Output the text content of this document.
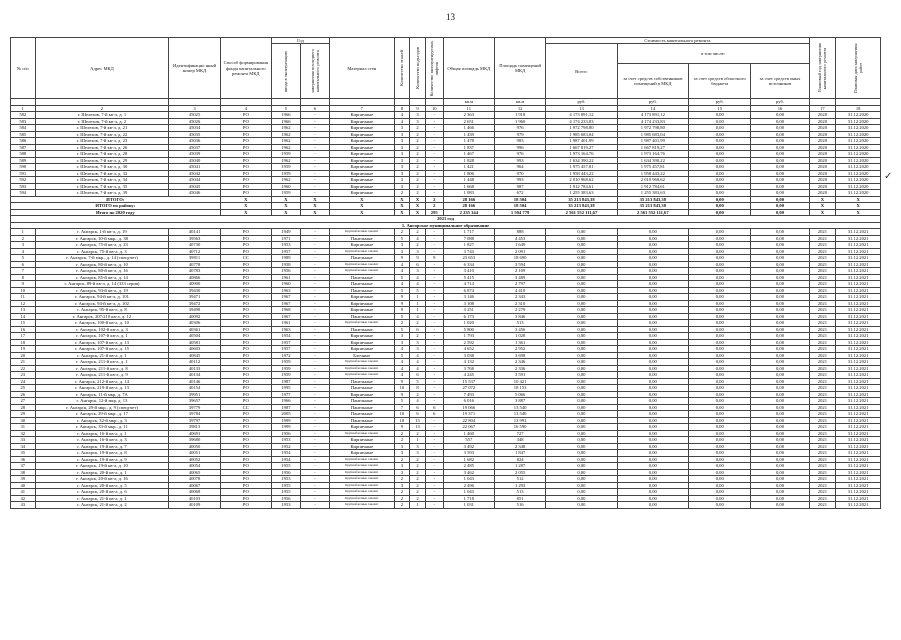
13
✓
№ п/п	Адрес МКД	Идентификацио нный номер МКД	Способ формирования фонда капитального ремонта МКД	Год		Материал стен	Количество этажей	Количество подъездов	Количество эксплуатируемых лифтов	Общая площадь МКД	Площадь помещений МКД	Стоимость капитального ремонта				Плановый год завершения капитального ремонта	Плановая дата завершения работ

				ввода в эксплуатацию	завершения последнего капитального ремонта							Всего:	в том числе:				
													за счет средств собственников помещений в МКД	за счет средств областного бюджета	за счет средств иных источников		
										кв.м	кв.м	руб.	руб.	руб.	руб.		
1	2	3	4	5	6	7	8	9	10	11	12	13	14	15	16	17	18
582	г. Шелехов, 7-й кв-л, д. 1	45025	РО	1966	-	Кирпичные	4	3	-	2 363	1 918	4 173 891,12	4 173 891,12	0,00	0,00	2020	31.12.2020
583	г. Шелехов, 7-й кв-л, д. 2	45026	РО	1966	-	Кирпичные	4	3	-	2 651	1 960	4 174 233,83	4 174 233,83	0,00	0,00	2020	31.12.2020
584	г. Шелехов, 7-й кв-л, д. 21	45034	РО	1962	-	Кирпичные	3	2	-	1 466	976	1 972 798,80	1 972 798,80	0,00	0,00	2020	31.12.2020
585	г. Шелехов, 7-й кв-л, д. 22	45035	РО	1962	-	Кирпичные	3	2	-	1 439	979	1 985 683,04	1 985 683,04	0,00	0,00	2020	31.12.2020
586	г. Шелехов, 7-й кв-л, д. 23	45036	РО	1962	-	Кирпичные	3	2	-	1 478	983	1 987 401,99	1 987 401,99	0,00	0,00	2020	31.12.2020
587	г. Шелехов, 7-й кв-л, д. 26	45037	РО	1962	-	Кирпичные	3	2	-	1 837	996	1 667 819,27	1 667 819,27	0,00	0,00	2020	31.12.2020
588	г. Шелехов, 7-й кв-л, д. 28	45039	РО	1959	-	Кирпичные	3	2	-	1 467	976	1 973 164,76	1 973 164,76	0,00	0,00	2020	31.12.2020
589	г. Шелехов, 7-й кв-л, д. 29	45040	РО	1962	-	Кирпичные	3	2	-	1 828	993	1 634 390,22	1 634 390,22	0,00	0,00	2020	31.12.2020
590	г. Шелехов, 7-й кв-л, д. 30	45041	РО	1959	-	Кирпичные	3	2	-	1 421	964	1 975 457,81	1 975 457,81	0,00	0,00	2020	31.12.2020
591	г. Шелехов, 7-й кв-л, д. 32	45042	РО	1959	-	Кирпичные	3	2	-	1 806	970	1 958 443,22	1 958 443,22	0,00	0,00	2020	31.12.2020
592	г. Шелехов, 7-й кв-л, д. 34	45044	РО	1962	-	Кирпичные	3	2	-	1 448	993	2 010 968,62	2 010 968,62	0,00	0,00	2020	31.12.2020
593	г. Шелехов, 7-й кв-л, д. 35	45045	РО	1960	-	Кирпичные	3	2	-	1 668	987	1 912 784,61	1 912 784,61	0,00	0,00	2020	31.12.2020
594	г. Шелехов, 7-й кв-л, д. 39	45046	РО	1959	-	Кирпичные	2	2	-	1 083	672	1 255 383,63	1 255 383,63	0,00	0,00	2020	31.12.2020
ИТОГО:			X	X	X	X	X	X	2	28 166	18 504	35 213 843,38	35 213 843,38	0,00	0,00	X	X
ИТОГО по району:			X	X	X	X	X	X	2	28 166	18 504	35 213 843,38	35 213 843,38	0,00	0,00	X	X
Итого по 2020 году			X	X	X	X	X	X	295	2 235 344	1 504 779	2 561 552 111,67	2 561 552 111,67	0,00	0,00	X	X
2021 год																	
1. Ангарское муниципальное образование																	
1	г. Ангарск, 1-й кв-л, д. 19	40141	РО	1949	-	Крупноблочные сакалит	2	2	-	1 717	888	0,00	0,00	0,00	0,00	2021	31.12.2021
2	г. Ангарск, 10-й мкр., д. 38	39563	РО	1971	-	Панельные	5	4	-	7 088	4 453	0,00	0,00	0,00	0,00	2021	31.12.2021
3	г. Ангарск, 75-й кв-л, д. 23	40730	РО	1953	-	Кирпичные	3	2	-	1 827	1 649	0,00	0,00	0,00	0,00	2021	31.12.2021
4	г. Ангарск, 75-й кв-л, д. 3	40712	РО	1957	-	Крупноблочные сакалит	3	3	-	3 743	2 091	0,00	0,00	0,00	0,00	2021	31.12.2021
5	г. Ангарск, 7-й мкр., д. 14 (спецучет)	39811	СС	1989	-	Панельные	9	9	9	23 653	18 690	0,00	0,00	0,00	0,00	2021	31.12.2021
6	г. Ангарск, 80-й кв-л, д. 10	40778	РО	1958	-	Крупноблочные сакалит	4	6	-	6 334	3 594	0,00	0,00	0,00	0,00	2021	31.12.2021
7	г. Ангарск, 80-й кв-л, д. 16	40783	РО	1956	-	Крупноблочные сакалит	4	3	-	3 410	2 109	0,00	0,00	0,00	0,00	2021	31.12.2021
8	г. Ангарск, 85-й кв-л, д. 14	40866	РО	1961	-	Панельные	5	4	-	5 415	3 489	0,00	0,00	0,00	0,00	2021	31.12.2021
9	г. Ангарск, 89-й кв-л, д. 14 (333 серия)	40900	РО	1960	-	Панельные	4	4	-	4 714	2 797	0,00	0,00	0,00	0,00	2021	31.12.2021
10	г. Ангарск, 93-й кв-л, д. 19	39430	РО	1963	-	Панельные	5	5	-	6 874	4 410	0,00	0,00	0,00	0,00	2021	31.12.2021
11	г. Ангарск, 94-й кв-л, д. 101	39471	РО	1967	-	Кирпичные	9	1	-	3 146	2 343	0,00	0,00	0,00	0,00	2021	31.12.2021
12	г. Ангарск, 94-й кв-л, д. 102	39472	РО	1967	-	Кирпичные	9	1	-	3 108	2 310	0,00	0,00	0,00	0,00	2021	31.12.2021
13	г. Ангарск, 95-й кв-л, д. 8	39498	РО	1968	-	Кирпичные	9	1	-	3 251	2 279	0,00	0,00	0,00	0,00	2021	31.12.2021
14	г. Ангарск, 207/210 кв-л, д. 12	40092	РО	1967	-	Панельные	5	4	-	6 173	3 846	0,00	0,00	0,00	0,00	2021	31.12.2021
15	г. Ангарск, 100-й кв-л, д. 10	40306	РО	1961	-	Крупноблочные сакалит	2	2	-	1 020	513	0,00	0,00	0,00	0,00	2021	31.12.2021
16	г. Ангарск, 102-й кв-л, д. 3	40361	РО	1963	-	Панельные	5	6	-	5 800	3 456	0,00	0,00	0,00	0,00	2021	31.12.2021
17	г. Ангарск, 107-й кв-л, д. 1	40504	РО	1954	-	Кирпичные	3	2	-	1 793	1 028	0,00	0,00	0,00	0,00	2021	31.12.2021
18	г. Ангарск, 107-й кв-л, д. 13	40581	РО	1957	-	Кирпичные	3	3	-	2 592	1 361	0,00	0,00	0,00	0,00	2021	31.12.2021
19	г. Ангарск, 107-й кв-л, д. 15	40603	РО	1957	-	Кирпичные	4	3	-	4 652	2 952	0,00	0,00	0,00	0,00	2021	31.12.2021
20	г. Ангарск, 21-й кв-л, д. 1	40845	РО	1972	-	Блочные	5	4	-	3 038	3 698	0,00	0,00	0,00	0,00	2021	31.12.2021
21	г. Ангарск, 211-й кв-л, д. 1	40112	РО	1959	-	Крупноблочные сакалит	4	4	-	4 132	2 346	0,00	0,00	0,00	0,00	2021	31.12.2021
22	г. Ангарск, 211-й кв-л, д. 8	40133	РО	1959	-	Крупноблочные сакалит	4	4	-	3 768	2 336	0,00	0,00	0,00	0,00	2021	31.12.2021
23	г. Ангарск, 211-й кв-л, д. 9	40134	РО	1959	-	Крупноблочные сакалит	4	6	-	4 245	3 591	0,00	0,00	0,00	0,00	2021	31.12.2021
24	г. Ангарск, 212-й кв-л, д. 14	40146	РО	1987	-	Панельные	9	5	-	15 537	10 421	0,00	0,00	0,00	0,00	2021	31.12.2021
25	г. Ангарск, 219-й кв-л, д. 13	40154	РО	1995	-	Панельные	10	8	-	27 072	18 153	0,00	0,00	0,00	0,00	2021	31.12.2021
26	г. Ангарск, 11-й мкр, д. 7А	39951	РО	1977	-	Кирпичные	9	2	-	7 493	5 066	0,00	0,00	0,00	0,00	2021	31.12.2021
27	г. Ангарск, 12-й мкр, д. 13	39657	РО	1966	-	Панельные	5	4	-	6 016	3 887	0,00	0,00	0,00	0,00	2021	31.12.2021
28	г. Ангарск, 29-й мкр., д. 9 (спецучет)	39779	СС	1987	-	Панельные	7	6	6	19 066	13 540	0,00	0,00	0,00	0,00	2021	31.12.2021
29	г. Ангарск, 29-й мкр., д. 17	39784	РО	2005	-	Панельные	10	6	6	19 371	13 540	0,00	0,00	0,00	0,00	2021	31.12.2021
30	г. Ангарск, 32-й мкр., д. 3	39797	РО	1999	-	Панельные	10	15	-	22 804	13 991	0,00	0,00	0,00	0,00	2021	31.12.2021
31	г. Ангарск, 33-й мкр., д. 11	39813	РО	1999	-	Кирпичные	9	13	-	22 067	16 590	0,00	0,00	0,00	0,00	2021	31.12.2021
32	г. Ангарск, 16-й кв-л, д. 1	40691	РО	1956	-	Крупноблочные сакалит	2	2	-	1 460	727	0,00	0,00	0,00	0,00	2021	31.12.2021
33	г. Ангарск, 16-й кв-л, д. 3	39680	РО	1953	-	Кирпичные	2	1	-	557	348	0,00	0,00	0,00	0,00	2021	31.12.2021
34	г. Ангарск, 19-й кв-л, д. 7	40050	РО	1952	-	Кирпичные	3	3	-	3 492	2 348	0,00	0,00	0,00	0,00	2021	31.12.2021
35	г. Ангарск, 19-й кв-л, д. 8	40051	РО	1954	-	Кирпичные	3	3	-	3 593	1 847	0,00	0,00	0,00	0,00	2021	31.12.2021
36	г. Ангарск, 19-й кв-л, д. 9	40052	РО	1954	-	Крупноблочные сакалит	2	2	-	1 682	824	0,00	0,00	0,00	0,00	2021	31.12.2021
37	г. Ангарск, 19-й кв-л, д. 10	40054	РО	1955	-	Крупноблочные сакалит	3	2	-	2 485	1 287	0,00	0,00	0,00	0,00	2021	31.12.2021
38	г. Ангарск, 20-й кв-л, д. 1	40065	РО	1956	-	Крупноблочные сакалит	3	2	-	3 462	2 055	0,00	0,00	0,00	0,00	2021	31.12.2021
39	г. Ангарск, 20-й кв-л, д. 16	40078	РО	1953	-	Крупноблочные сакалит	2	2	-	1 043	512	0,00	0,00	0,00	0,00	2021	31.12.2021
40	г. Ангарск, 20-й кв-л, д. 5	40067	РО	1955	-	Крупноблочные сакалит	3	2	-	2 496	1 293	0,00	0,00	0,00	0,00	2021	31.12.2021
41	г. Ангарск, 20-й кв-л, д. 6	40068	РО	1955	-	Крупноблочные сакалит	2	2	-	1 043	513	0,00	0,00	0,00	0,00	2021	31.12.2021
42	г. Ангарск, 21-й кв-л, д. 1	40103	РО	1956	-	Крупноблочные сакалит	2	2	-	1 718	851	0,00	0,00	0,00	0,00	2021	31.12.2021
43	г. Ангарск, 21-й кв-л, д. 2	40109	РО	1953	-	Крупноблочные сакалит	2	1	-	1 031	516	0,00	0,00	0,00	0,00	2021	31.12.2021
